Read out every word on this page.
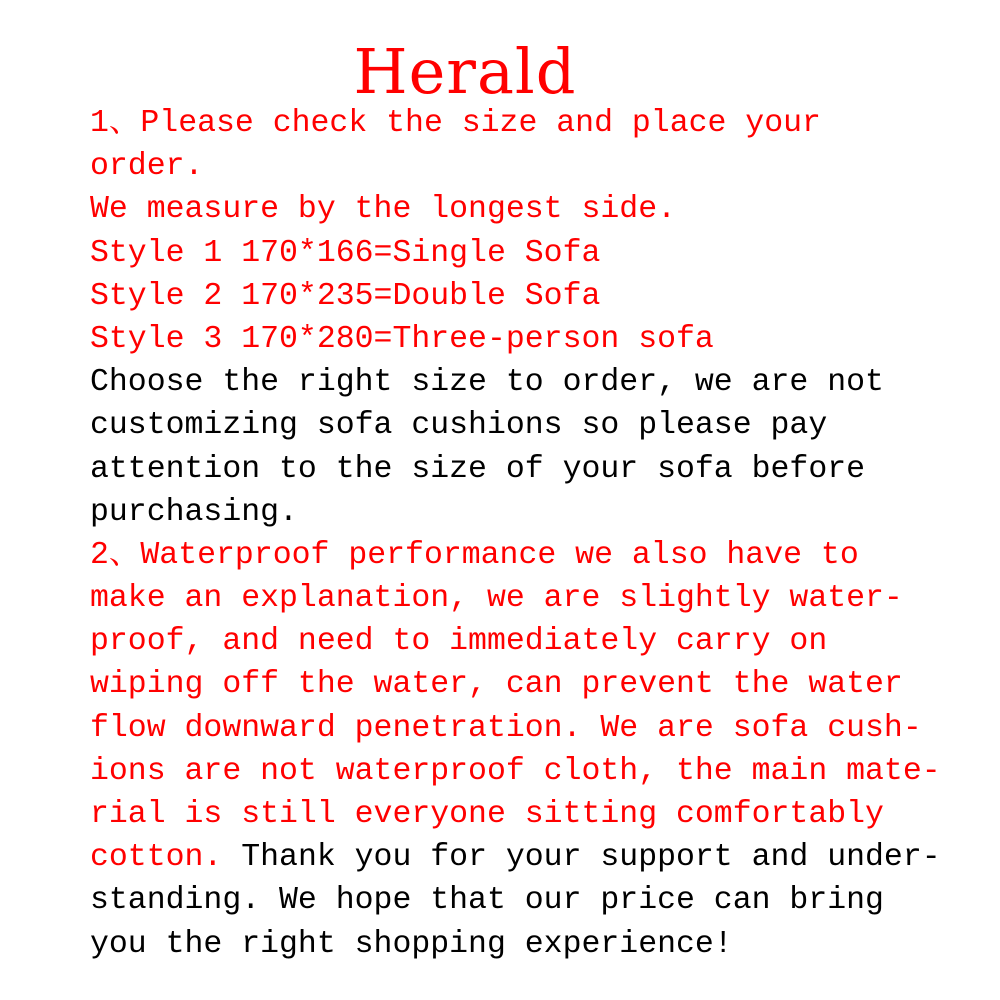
Herald
1、Please check the size and place your
order.
We measure by the longest side.
Style 1 170*166=Single Sofa
Style 2 170*235=Double Sofa
Style 3 170*280=Three-person sofa
Choose the right size to order, we are not
customizing sofa cushions so please pay
attention to the size of your sofa before
purchasing.
2、Waterproof performance we also have to
make an explanation, we are slightly water-
proof, and need to immediately carry on
wiping off the water, can prevent the water
flow downward penetration. We are sofa cush-
ions are not waterproof cloth, the main mate-
rial is still everyone sitting comfortably
cotton. Thank you for your support and under-
standing. We hope that our price can bring
you the right shopping experience!
